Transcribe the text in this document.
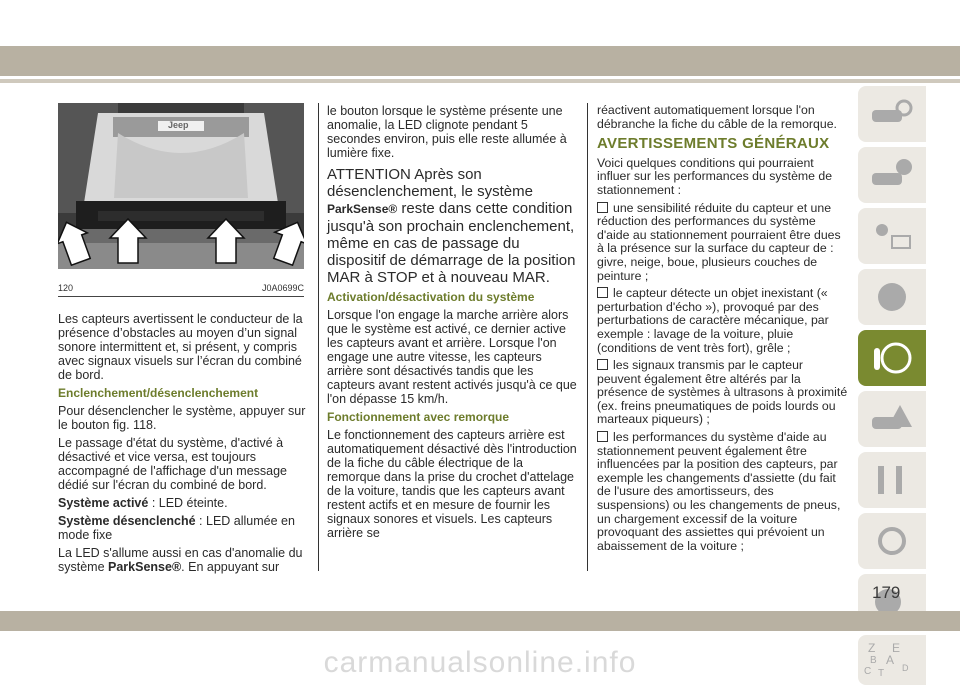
Jeep
120	J0A0699C

Les capteurs avertissent le conducteur de la présence d’obstacles au moyen d’un signal sonore intermittent et, si présent, y compris avec signaux visuels sur l’écran du combiné de bord.

Enclenchement/désenclenchement

Pour désenclencher le système, appuyer sur le bouton fig. 118.

Le passage d'état du système, d'activé à désactivé et vice versa, est toujours accompagné de l'affichage d'un message dédié sur l'écran du combiné de bord.

Système activé : LED éteinte.

Système désenclenché : LED allumée en mode fixe

La LED s'allume aussi en cas d'anomalie du système ParkSense®. En appuyant sur

le bouton lorsque le système présente une anomalie, la LED clignote pendant 5 secondes environ, puis elle reste allumée à lumière fixe.

ATTENTION Après son désenclenchement, le système ParkSense® reste dans cette condition jusqu'à son prochain enclenchement, même en cas de passage du dispositif de démarrage de la position MAR à STOP et à nouveau MAR.

Activation/désactivation du système

Lorsque l'on engage la marche arrière alors que le système est activé, ce dernier active les capteurs avant et arrière. Lorsque l'on engage une autre vitesse, les capteurs arrière sont désactivés tandis que les capteurs avant restent activés jusqu'à ce que l'on dépasse 15 km/h.

Fonctionnement avec remorque

Le fonctionnement des capteurs arrière est automatiquement désactivé dès l'introduction de la fiche du câble électrique de la remorque dans la prise du crochet d'attelage de la voiture, tandis que les capteurs avant restent actifs et en mesure de fournir les signaux sonores et visuels. Les capteurs arrière se

réactivent automatiquement lorsque l'on débranche la fiche du câble de la remorque.

AVERTISSEMENTS GÉNÉRAUX

Voici quelques conditions qui pourraient influer sur les performances du système de stationnement :

une sensibilité réduite du capteur et une réduction des performances du système d'aide au stationnement pourraient être dues à la présence sur la surface du capteur de : givre, neige, boue, plusieurs couches de peinture ;

le capteur détecte un objet inexistant (« perturbation d'écho »), provoqué par des perturbations de caractère mécanique, par exemple : lavage de la voiture, pluie (conditions de vent très fort), grêle ;

les signaux transmis par le capteur peuvent également être altérés par la présence de systèmes à ultrasons à proximité (ex. freins pneumatiques de poids lourds ou marteaux piqueurs) ;

les performances du système d'aide au stationnement peuvent également être influencées par la position des capteurs, par exemple les changements d'assiette (du fait de l'usure des amortisseurs, des suspensions) ou les changements de pneus, un chargement excessif de la voiture provoquant des assiettes qui prévoient un abaissement de la voiture ;

Z E
A
B
C T D
179
carmanualsonline.info
